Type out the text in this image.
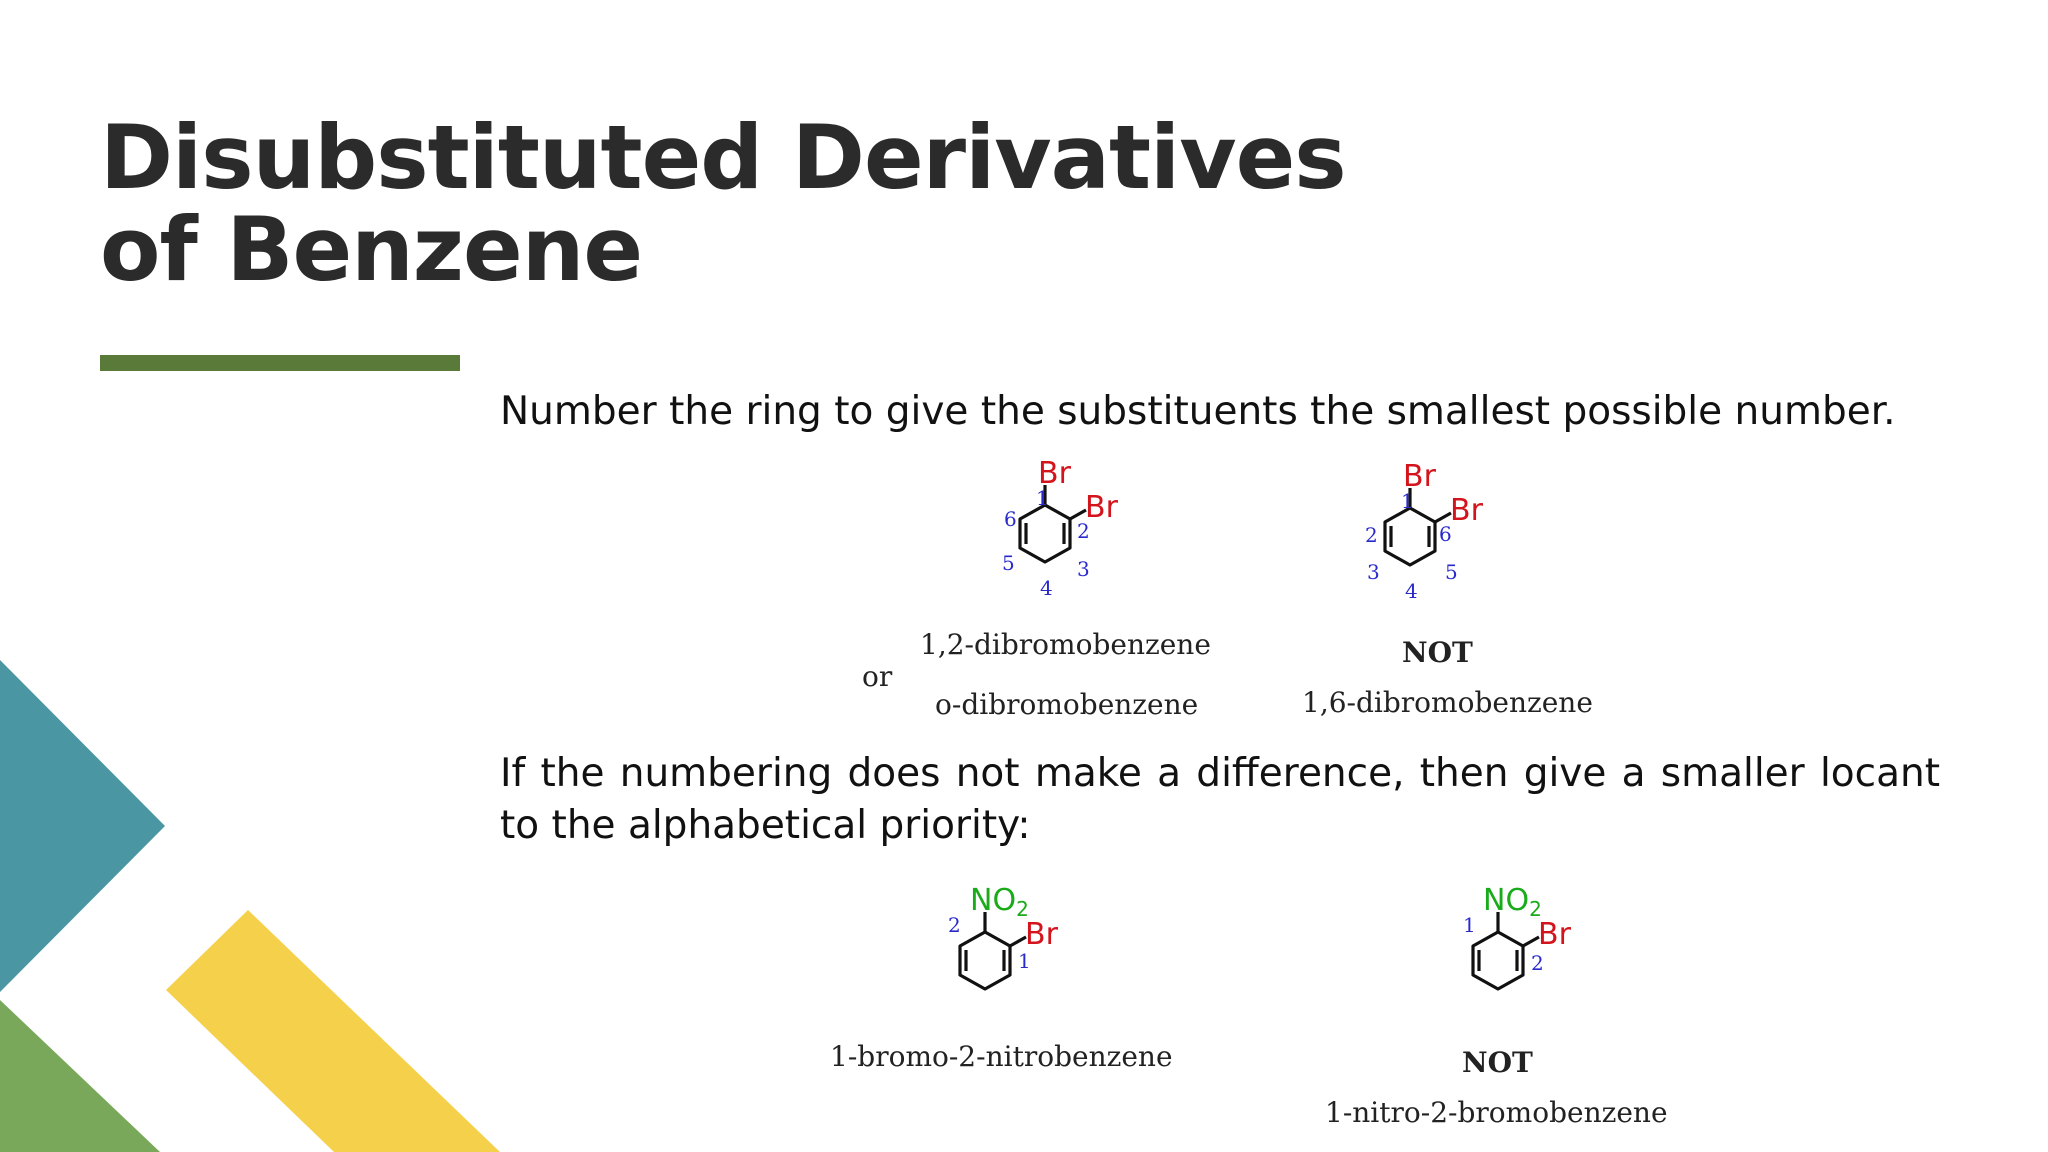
Disubstituted Derivatives
of Benzene

Number the ring to give the substituents the smallest possible number.

Br
Br
1
2
3
4
5
6
1,2-dibromobenzene
or
o-dibromobenzene
Br
Br
1
6
5
4
3
2
NOT
1,6-dibromobenzene

If the numbering does not make a difference, then give a smaller locant to the alphabetical priority:

$NO_2$
Br
2
1
1-bromo-2-nitrobenzene
$NO_2$
Br
1
2
NOT
1-nitro-2-bromobenzene
